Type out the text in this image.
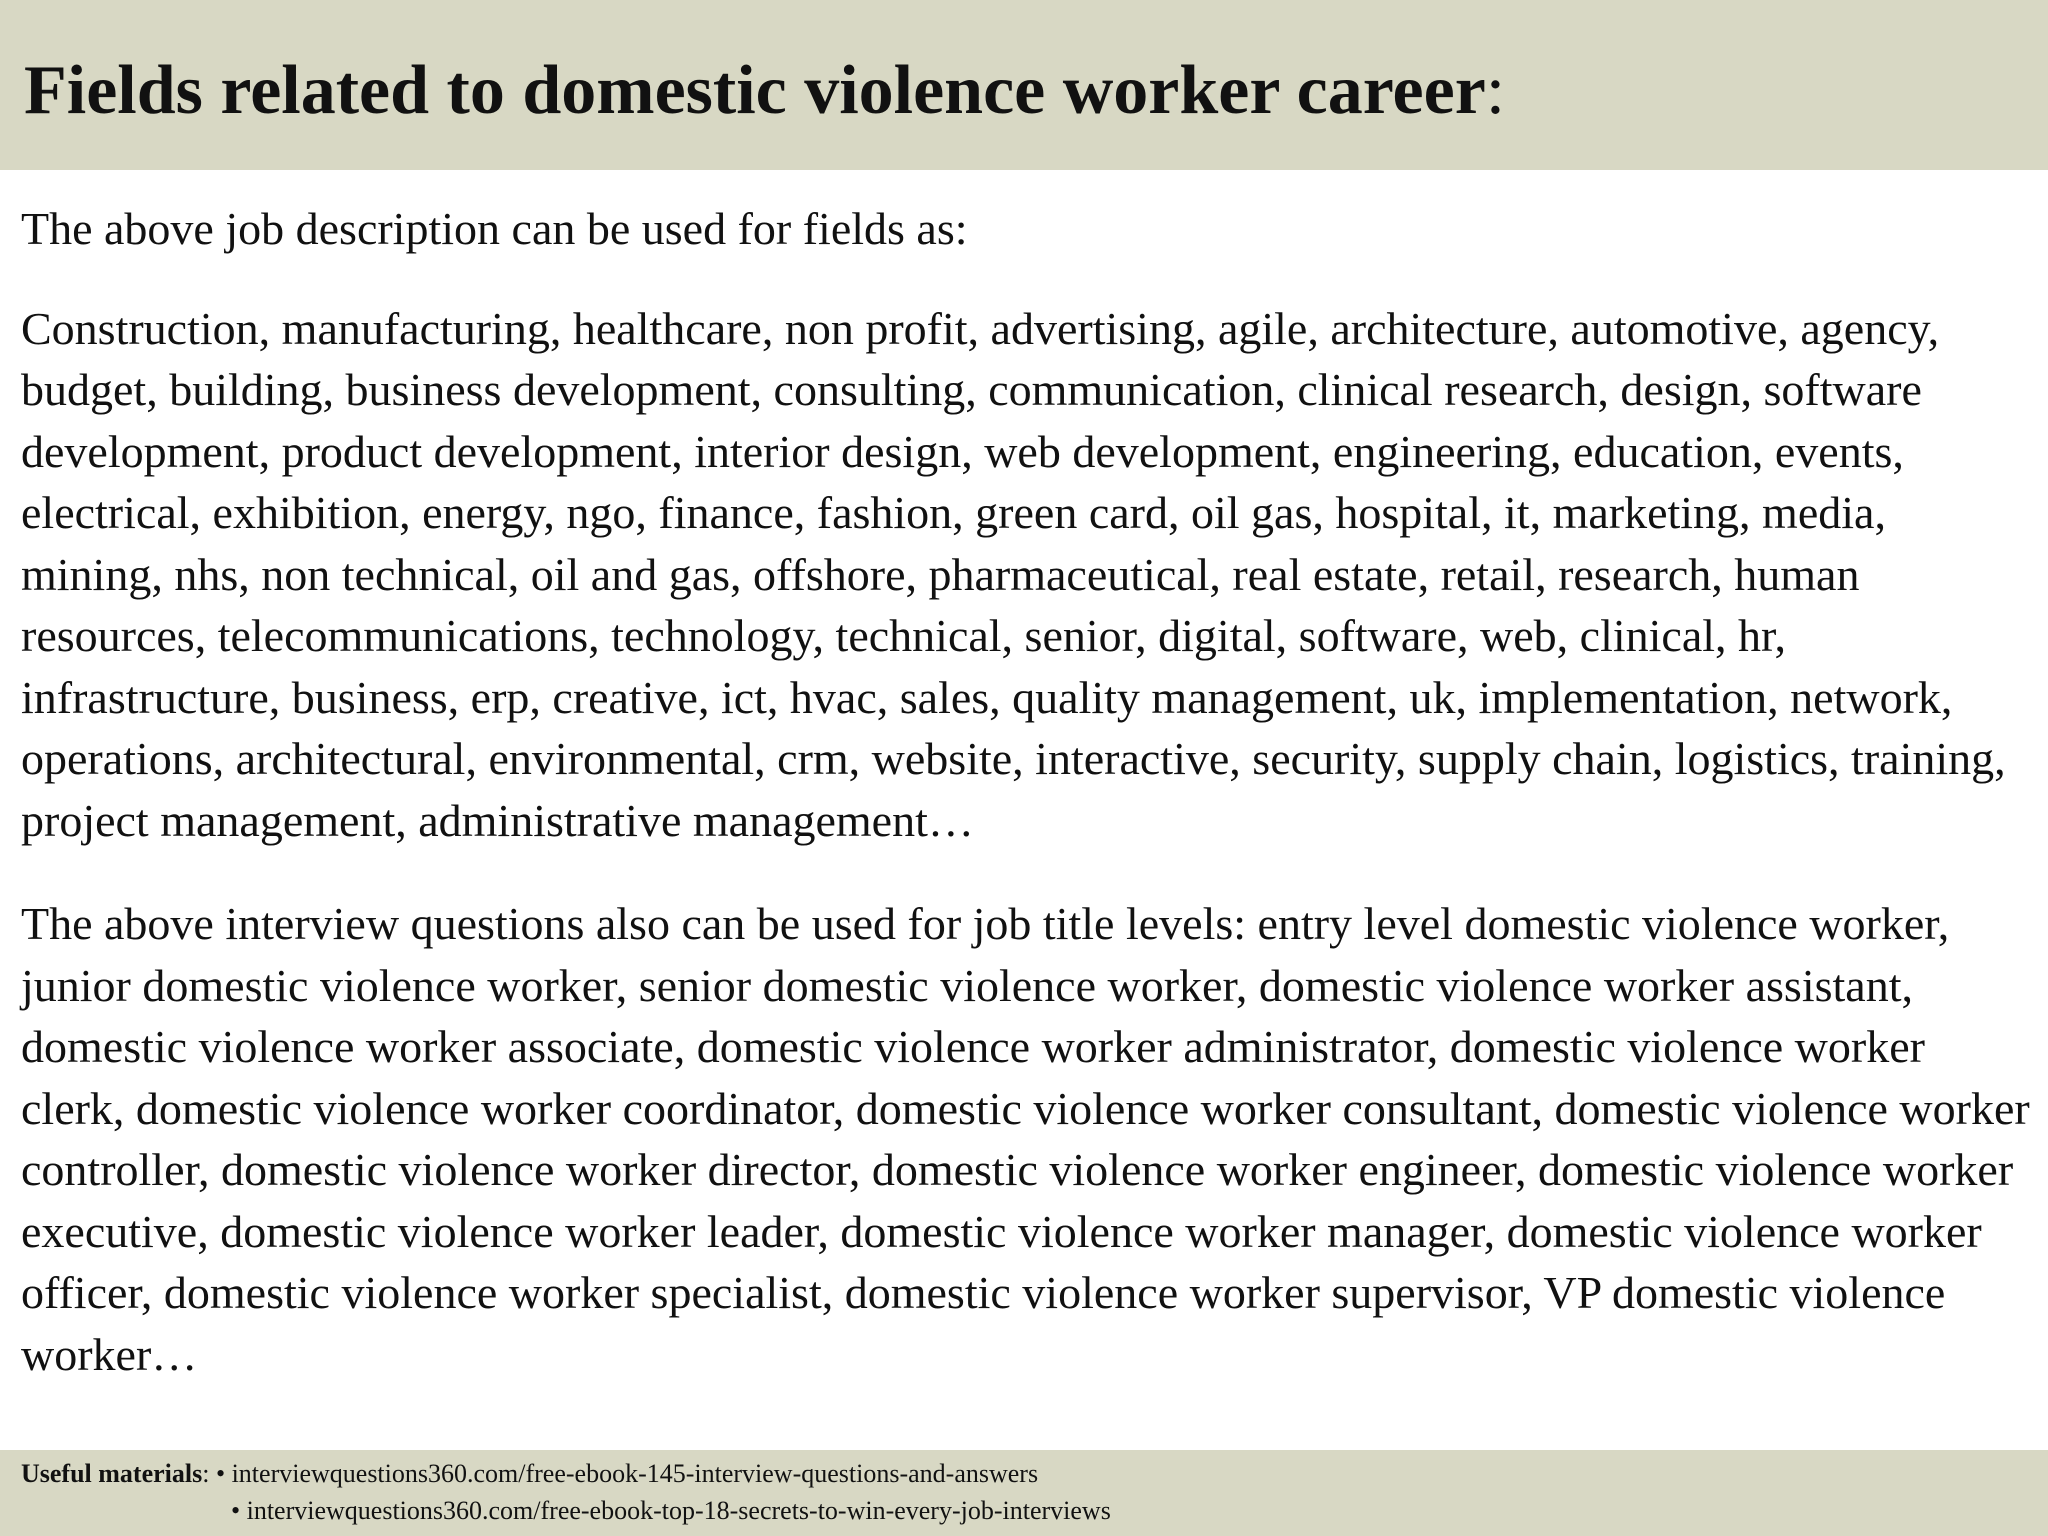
Fields related to domestic violence worker career:

The above job description can be used for fields as:

Construction, manufacturing, healthcare, non profit, advertising, agile, architecture, automotive, agency, budget, building, business development, consulting, communication, clinical research, design, software development, product development, interior design, web development, engineering, education, events, electrical, exhibition, energy, ngo, finance, fashion, green card, oil gas, hospital, it, marketing, media, mining, nhs, non technical, oil and gas, offshore, pharmaceutical, real estate, retail, research, human resources, telecommunications, technology, technical, senior, digital, software, web, clinical, hr, infrastructure, business, erp, creative, ict, hvac, sales, quality management, uk, implementation, network, operations, architectural, environmental, crm, website, interactive, security, supply chain, logistics, training, project management, administrative management…

The above interview questions also can be used for job title levels: entry level domestic violence worker, junior domestic violence worker, senior domestic violence worker, domestic violence worker assistant, domestic violence worker associate, domestic violence worker administrator, domestic violence worker clerk, domestic violence worker coordinator, domestic violence worker consultant, domestic violence worker controller, domestic violence worker director, domestic violence worker engineer, domestic violence worker executive, domestic violence worker leader, domestic violence worker manager, domestic violence worker officer, domestic violence worker specialist, domestic violence worker supervisor, VP domestic violence worker…

Useful materials: • interviewquestions360.com/free-ebook-145-interview-questions-and-answers
• interviewquestions360.com/free-ebook-top-18-secrets-to-win-every-job-interviews
